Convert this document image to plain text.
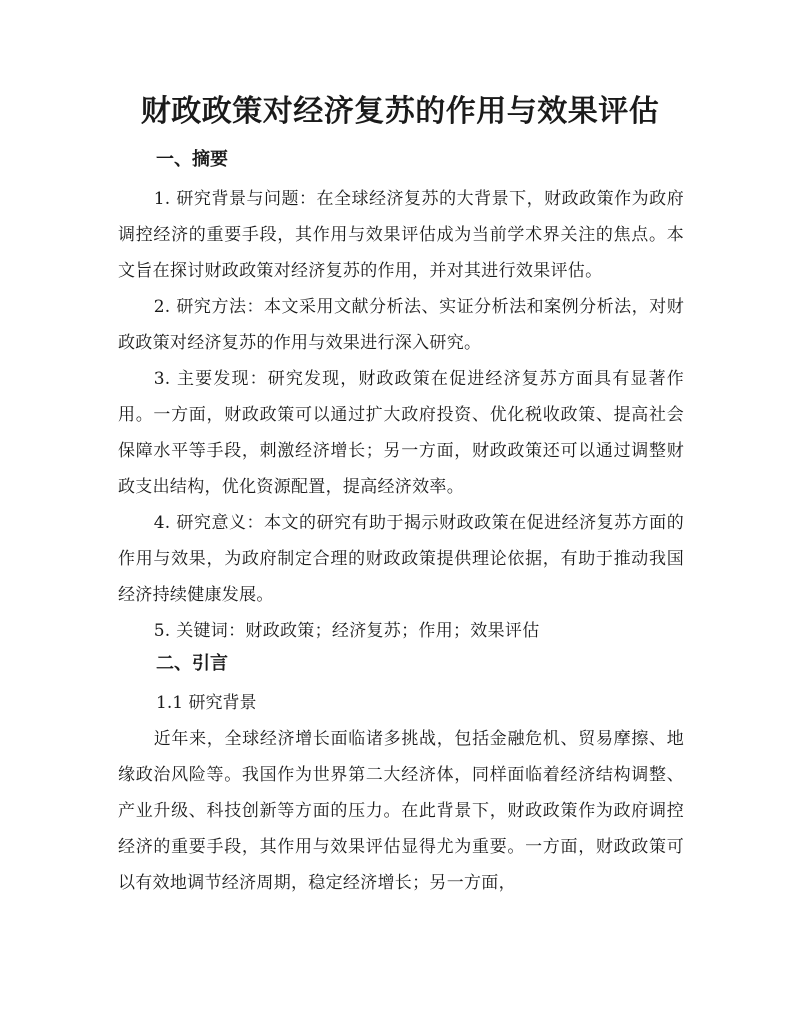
财政政策对经济复苏的作用与效果评估
一、摘要

1. 研究背景与问题：在全球经济复苏的大背景下，财政政策作为政府调控经济的重要手段，其作用与效果评估成为当前学术界关注的焦点。本文旨在探讨财政政策对经济复苏的作用，并对其进行效果评估。

2. 研究方法：本文采用文献分析法、实证分析法和案例分析法，对财政政策对经济复苏的作用与效果进行深入研究。

3. 主要发现：研究发现，财政政策在促进经济复苏方面具有显著作用。一方面，财政政策可以通过扩大政府投资、优化税收政策、提高社会保障水平等手段，刺激经济增长；另一方面，财政政策还可以通过调整财政支出结构，优化资源配置，提高经济效率。

4. 研究意义：本文的研究有助于揭示财政政策在促进经济复苏方面的作用与效果，为政府制定合理的财政政策提供理论依据，有助于推动我国经济持续健康发展。

5. 关键词：财政政策；经济复苏；作用；效果评估

二、引言

1.1 研究背景

近年来，全球经济增长面临诸多挑战，包括金融危机、贸易摩擦、地缘政治风险等。我国作为世界第二大经济体，同样面临着经济结构调整、产业升级、科技创新等方面的压力。在此背景下，财政政策作为政府调控经济的重要手段，其作用与效果评估显得尤为重要。一方面，财政政策可以有效地调节经济周期，稳定经济增长；另一方面，
